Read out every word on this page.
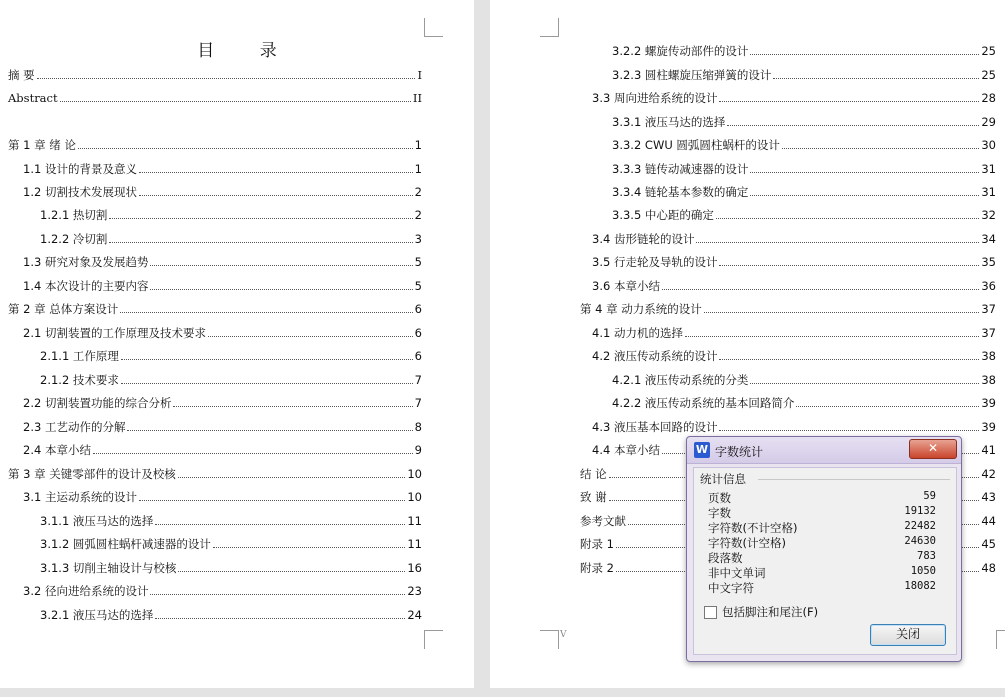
目 录
摘 要	I
Abstract	II
第 1 章 绪 论	1
1.1 设计的背景及意义	1
1.2 切割技术发展现状	2
1.2.1 热切割	2
1.2.2 冷切割	3
1.3 研究对象及发展趋势	5
1.4 本次设计的主要内容	5
第 2 章 总体方案设计	6
2.1 切割装置的工作原理及技术要求	6
2.1.1 工作原理	6
2.1.2 技术要求	7
2.2 切割装置功能的综合分析	7
2.3 工艺动作的分解	8
2.4 本章小结	9
第 3 章 关键零部件的设计及校核	10
3.1 主运动系统的设计	10
3.1.1 液压马达的选择	11
3.1.2 圆弧圆柱蜗杆减速器的设计	11
3.1.3 切削主轴设计与校核	16
3.2 径向进给系统的设计	23
3.2.1 液压马达的选择	24
V
3.2.2 螺旋传动部件的设计	25
3.2.3 圆柱螺旋压缩弹簧的设计	25
3.3 周向进给系统的设计	28
3.3.1 液压马达的选择	29
3.3.2 CWU 圆弧圆柱蜗杆的设计	30
3.3.3 链传动减速器的设计	31
3.3.4 链轮基本参数的确定	31
3.3.5 中心距的确定	32
3.4 齿形链轮的设计	34
3.5 行走轮及导轨的设计	35
3.6 本章小结	36
第 4 章 动力系统的设计	37
4.1 动力机的选择	37
4.2 液压传动系统的设计	38
4.2.1 液压传动系统的分类	38
4.2.2 液压传动系统的基本回路简介	39
4.3 液压基本回路的设计	39
4.4 本章小结	41
结 论	42
致 谢	43
参考文献	44
附录 1	45
附录 2	48
W 字数统计	✕
统计信息
页数	59
字数	19132
字符数(不计空格)	22482
字符数(计空格)	24630
段落数	783
非中文单词	1050
中文字符	18082
包括脚注和尾注(F)
关闭
